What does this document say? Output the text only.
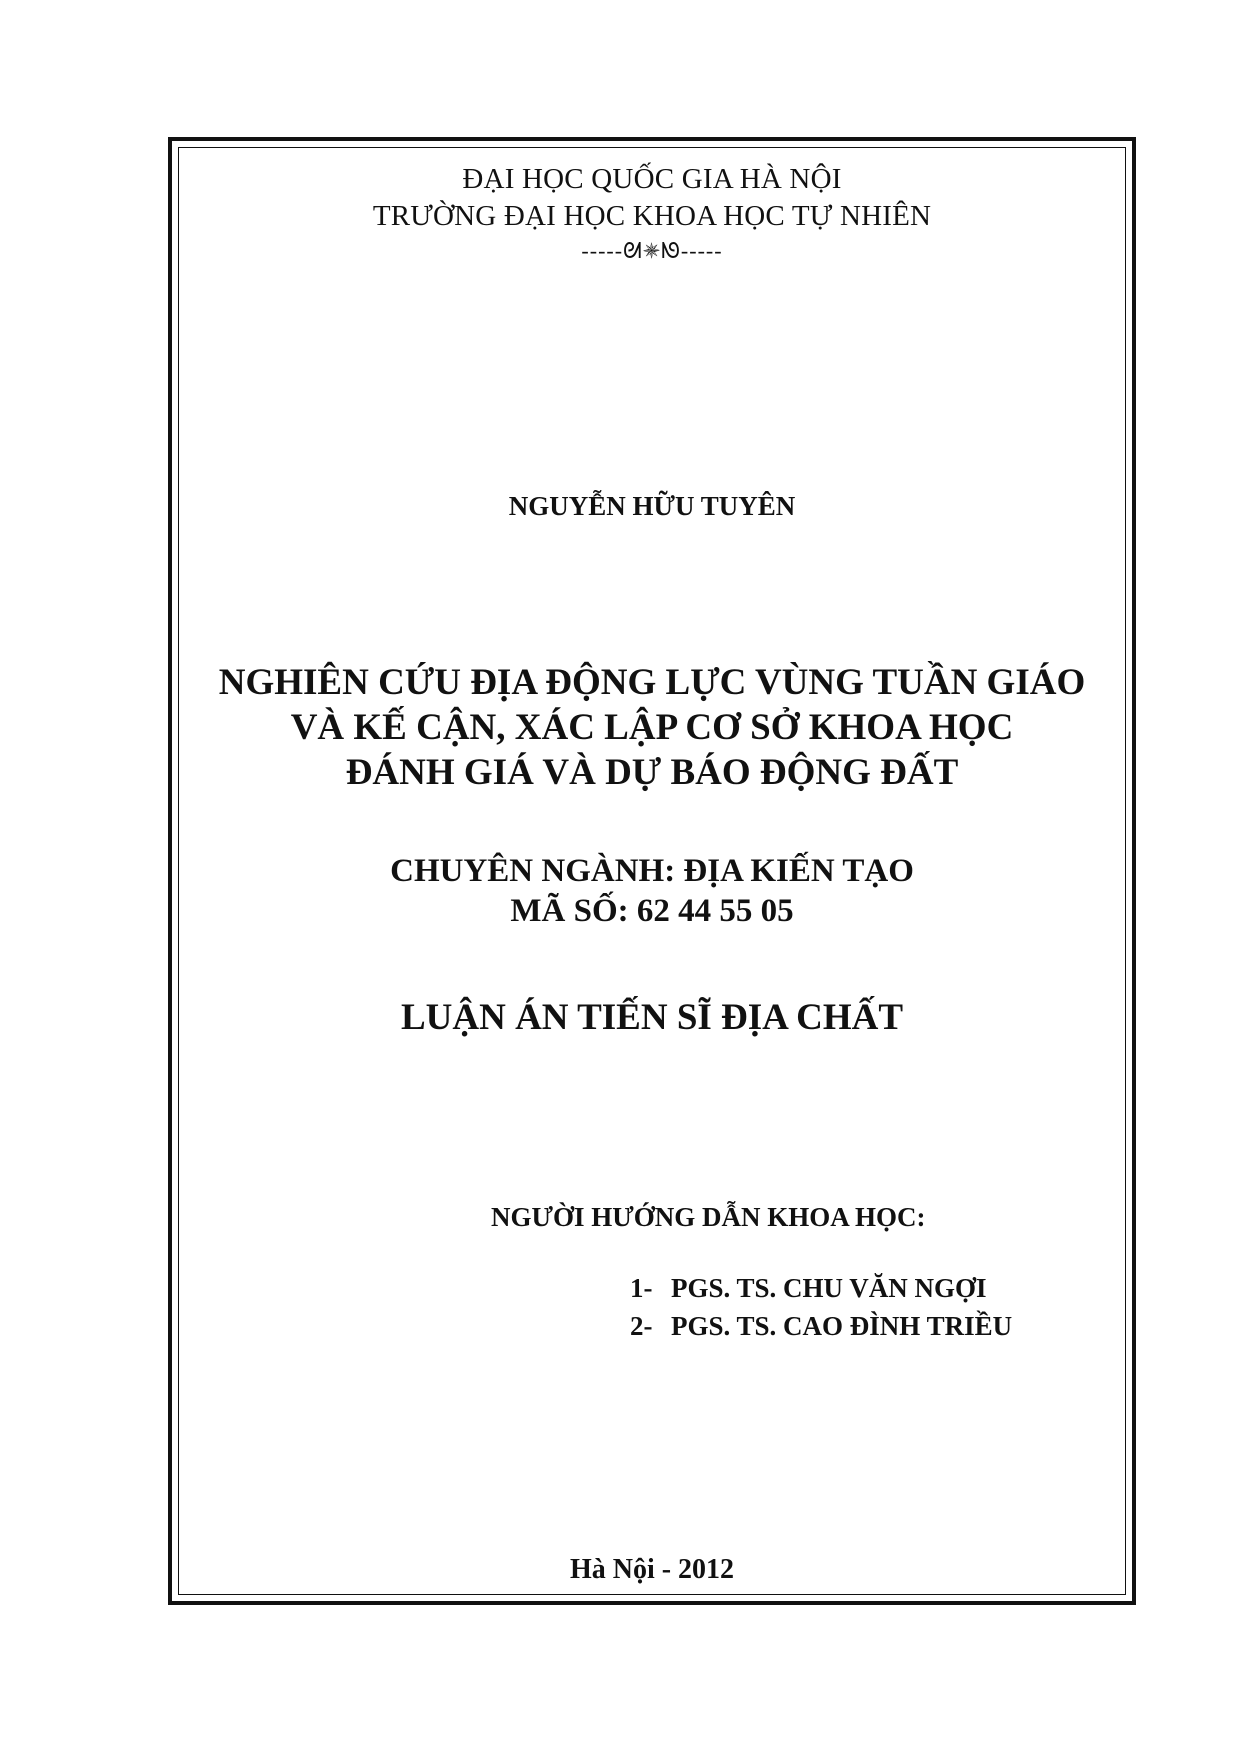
ĐẠI HỌC QUỐC GIA HÀ NỘI

TRƯỜNG ĐẠI HỌC KHOA HỌC TỰ NHIÊN

-----ᘛ✵ᘚ-----

NGUYỄN HỮU TUYÊN

NGHIÊN CỨU ĐỊA ĐỘNG LỰC VÙNG TUẦN GIÁO
VÀ KẾ CẬN, XÁC LẬP CƠ SỞ KHOA HỌC
ĐÁNH GIÁ VÀ DỰ BÁO ĐỘNG ĐẤT

CHUYÊN NGÀNH: ĐỊA KIẾN TẠO

MÃ SỐ: 62 44 55 05

LUẬN ÁN TIẾN SĨ ĐỊA CHẤT

NGƯỜI HƯỚNG DẪN KHOA HỌC:

1- PGS. TS. CHU VĂN NGỢI
2- PGS. TS. CAO ĐÌNH TRIỀU

Hà Nội - 2012
